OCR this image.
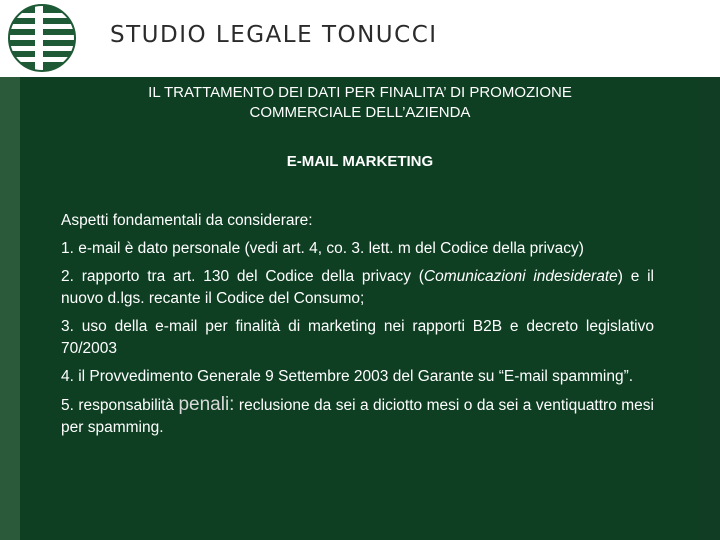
STUDIO LEGALE TONUCCI
IL TRATTAMENTO DEI DATI PER FINALITA’ DI PROMOZIONE
COMMERCIALE DELL’AZIENDA
E-MAIL MARKETING

Aspetti fondamentali da considerare:

1. e-mail è dato personale (vedi art. 4, co. 3. lett. m del Codice della privacy)

2. rapporto tra art. 130 del Codice della privacy (Comunicazioni indesiderate) e il nuovo d.lgs. recante il Codice del Consumo;

3. uso della e-mail per finalità di marketing nei rapporti B2B e decreto legislativo 70/2003

4. il Provvedimento Generale 9 Settembre 2003 del Garante su “E-mail spamming”.

5. responsabilità penali: reclusione da sei a diciotto mesi o da sei a ventiquattro mesi per spamming.
